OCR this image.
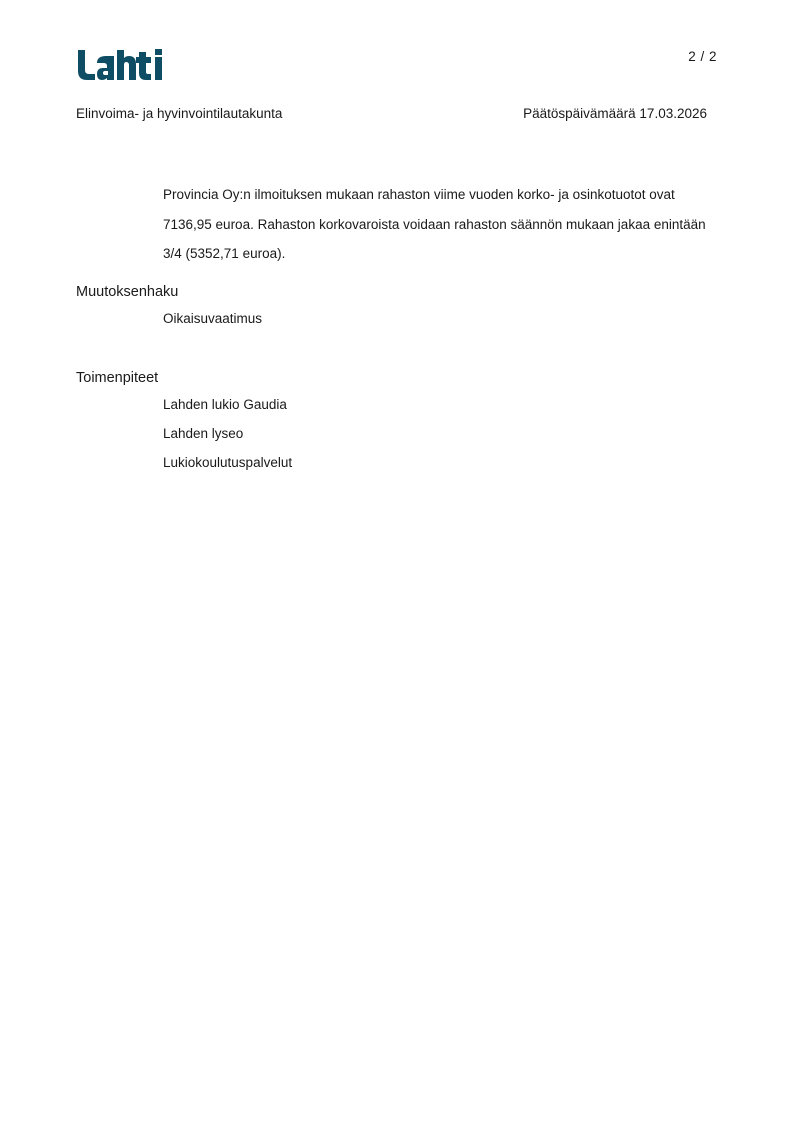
2 / 2
Elinvoima- ja hyvinvointilautakunta	Päätöspäivämäärä 17.03.2026
Provincia Oy:n ilmoituksen mukaan rahaston viime vuoden korko- ja osinkotuotot ovat 7136,95 euroa. Rahaston korkovaroista voidaan rahaston säännön mukaan jakaa enintään 3/4 (5352,71 euroa).
Muutoksenhaku
Oikaisuvaatimus
Toimenpiteet
Lahden lukio Gaudia
Lahden lyseo
Lukiokoulutuspalvelut
